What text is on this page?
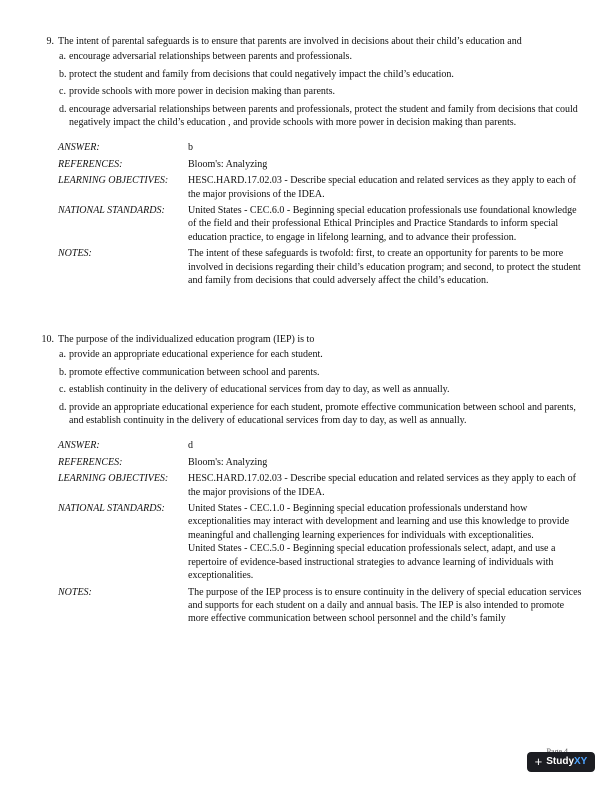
9. The intent of parental safeguards is to ensure that parents are involved in decisions about their child’s education and
a. encourage adversarial relationships between parents and professionals.
b. protect the student and family from decisions that could negatively impact the child’s education.
c. provide schools with more power in decision making than parents.
d. encourage adversarial relationships between parents and professionals, protect the student and family from decisions that could negatively impact the child’s education , and provide schools with more power in decision making than parents.
ANSWER:	b
REFERENCES:	Bloom's: Analyzing
LEARNING OBJECTIVES:	HESC.HARD.17.02.03 - Describe special education and related services as they apply to each of the major provisions of the IDEA.
NATIONAL STANDARDS:	United States - CEC.6.0 - Beginning special education professionals use foundational knowledge of the field and their professional Ethical Principles and Practice Standards to inform special education practice, to engage in lifelong learning, and to advance their profession.
NOTES:	The intent of these safeguards is twofold: first, to create an opportunity for parents to be more involved in decisions regarding their child’s education program; and second, to protect the student and family from decisions that could adversely affect the child’s education.
10. The purpose of the individualized education program (IEP) is to
a. provide an appropriate educational experience for each student.
b. promote effective communication between school and parents.
c. establish continuity in the delivery of educational services from day to day, as well as annually.
d. provide an appropriate educational experience for each student, promote effective communication between school and parents, and establish continuity in the delivery of educational services from day to day, as well as annually.
ANSWER:	d
REFERENCES:	Bloom's: Analyzing
LEARNING OBJECTIVES:	HESC.HARD.17.02.03 - Describe special education and related services as they apply to each of the major provisions of the IDEA.
NATIONAL STANDARDS:	United States - CEC.1.0 - Beginning special education professionals understand how exceptionalities may interact with development and learning and use this knowledge to provide meaningful and challenging learning experiences for individuals with exceptionalities.
United States - CEC.5.0 - Beginning special education professionals select, adapt, and use a repertoire of evidence-based instructional strategies to advance learning of individuals with exceptionalities.
NOTES:	The purpose of the IEP process is to ensure continuity in the delivery of special education services and supports for each student on a daily and annual basis. The IEP is also intended to promote more effective communication between school personnel and the child’s family
+ StudyXY
